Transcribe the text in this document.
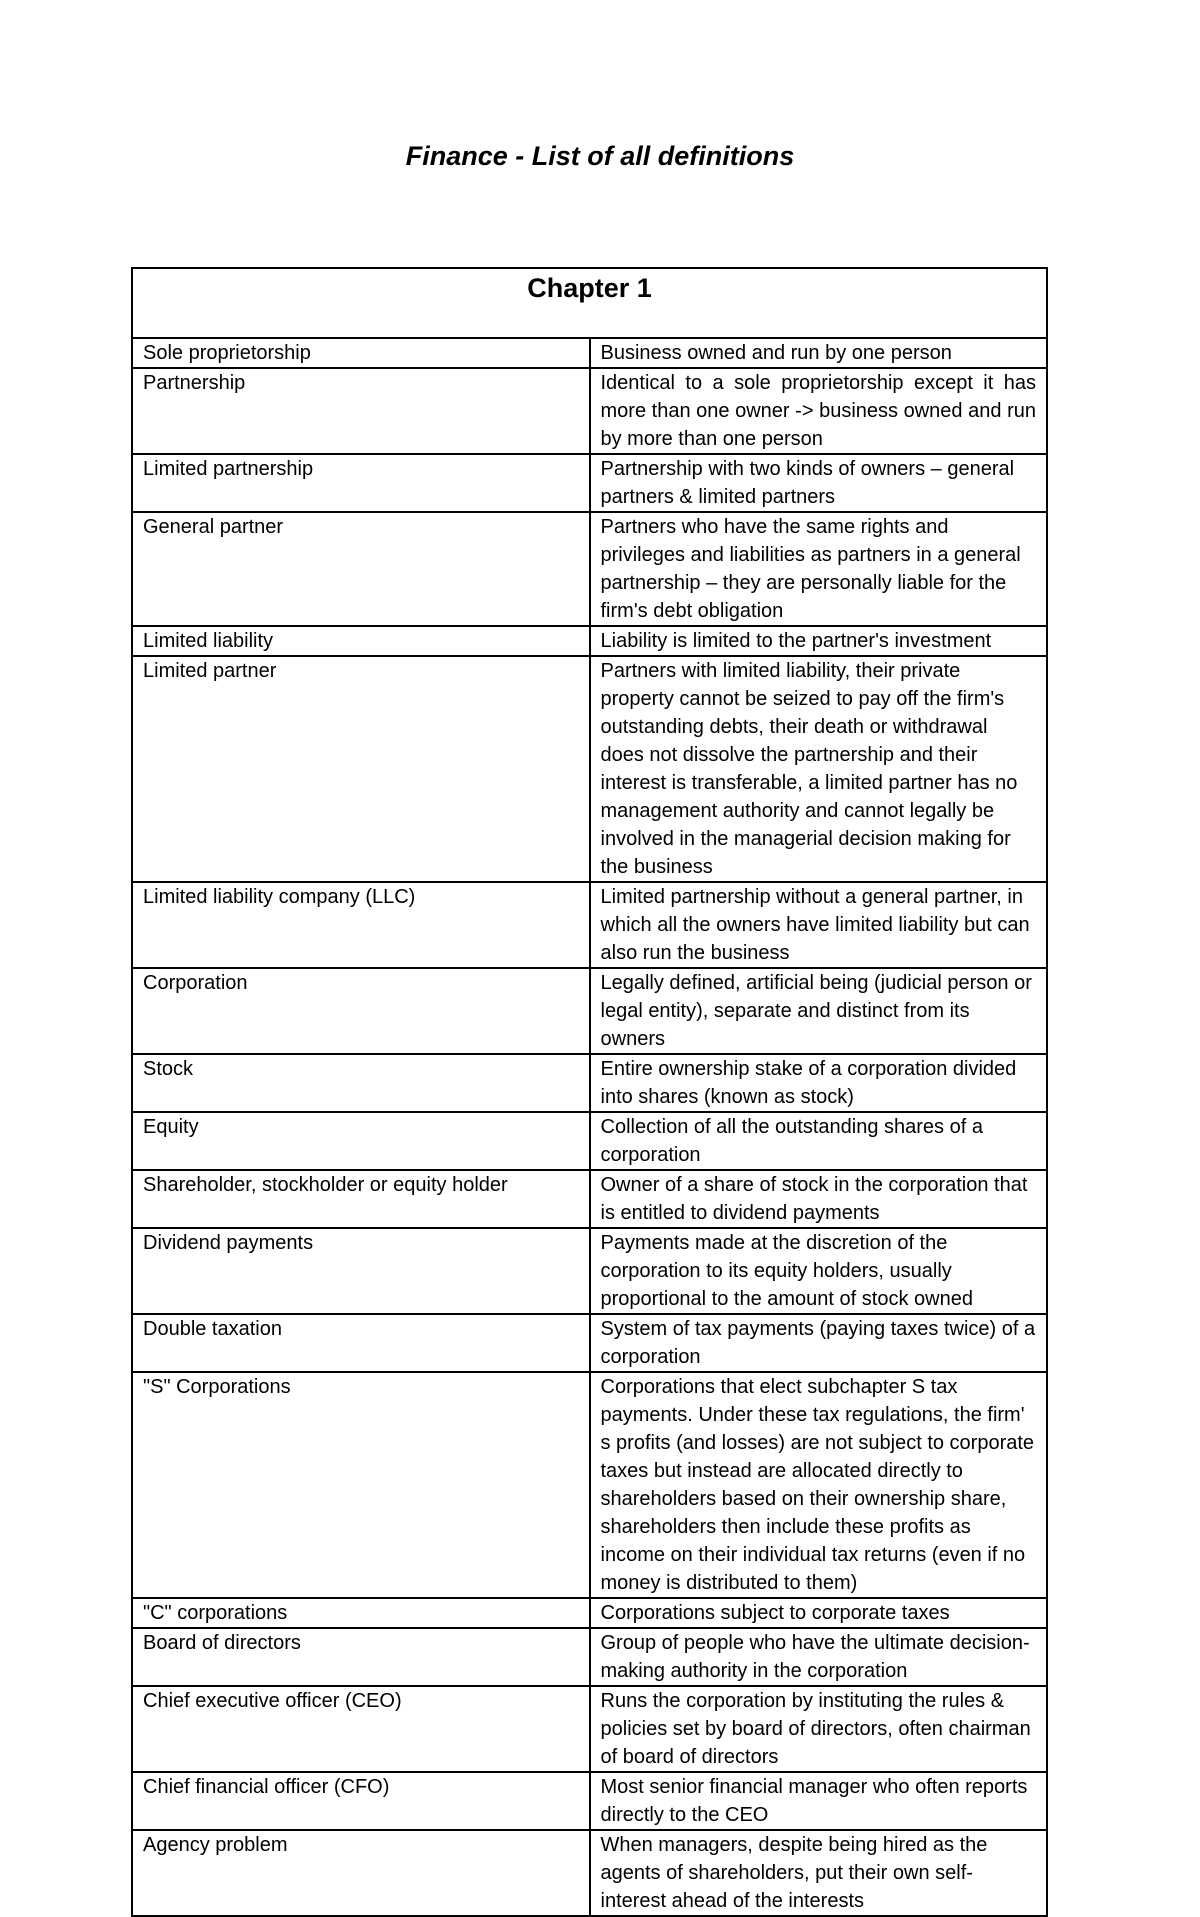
Finance - List of all definitions
Chapter 1	
Sole proprietorship	Business owned and run by one person
Partnership	Identical to a sole proprietorship except it has more than one owner -> business owned and run by more than one person
Limited partnership	Partnership with two kinds of owners – general partners & limited partners
General partner	Partners who have the same rights and privileges and liabilities as partners in a general partnership – they are personally liable for the firm's debt obligation
Limited liability	Liability is limited to the partner's investment
Limited partner	Partners with limited liability, their private property cannot be seized to pay off the firm's outstanding debts, their death or withdrawal does not dissolve the partnership and their interest is transferable, a limited partner has no management authority and cannot legally be involved in the managerial decision making for the business
Limited liability company (LLC)	Limited partnership without a general partner, in which all the owners have limited liability but can also run the business
Corporation	Legally defined, artificial being (judicial person or legal entity), separate and distinct from its owners
Stock	Entire ownership stake of a corporation divided into shares (known as stock)
Equity	Collection of all the outstanding shares of a corporation
Shareholder, stockholder or equity holder	Owner of a share of stock in the corporation that is entitled to dividend payments
Dividend payments	Payments made at the discretion of the corporation to its equity holders, usually proportional to the amount of stock owned
Double taxation	System of tax payments (paying taxes twice) of a corporation
"S" Corporations	Corporations that elect subchapter S tax payments. Under these tax regulations, the firm' s profits (and losses) are not subject to corporate taxes but instead are allocated directly to shareholders based on their ownership share, shareholders then include these profits as income on their individual tax returns (even if no money is distributed to them)
"C" corporations	Corporations subject to corporate taxes
Board of directors	Group of people who have the ultimate decision-making authority in the corporation
Chief executive officer (CEO)	Runs the corporation by instituting the rules & policies set by board of directors, often chairman of board of directors
Chief financial officer (CFO)	Most senior financial manager who often reports directly to the CEO
Agency problem	When managers, despite being hired as the agents of shareholders, put their own self-interest ahead of the interests
